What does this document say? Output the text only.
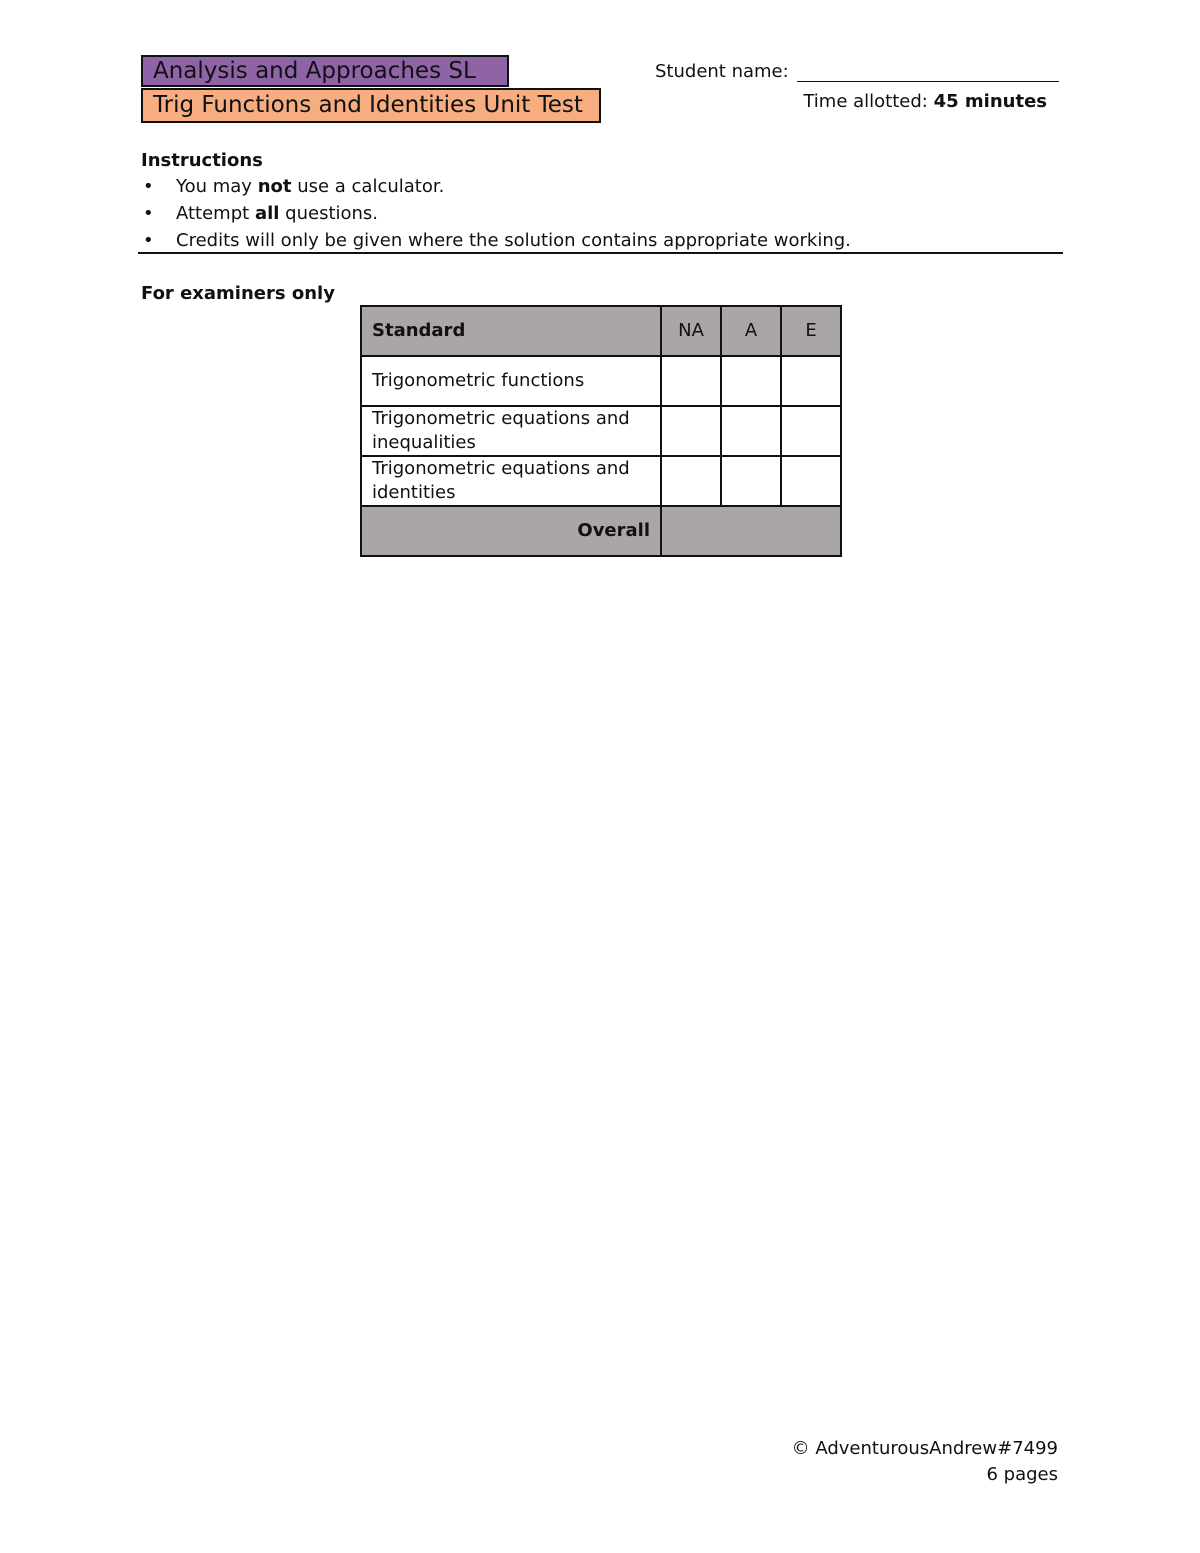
Analysis and Approaches SL
Trig Functions and Identities Unit Test
Student name:
Time allotted: 45 minutes
Instructions
• You may not use a calculator.
• Attempt all questions.
• Credits will only be given where the solution contains appropriate working.
For examiners only
Standard	NA	A	E
Trigonometric functions			
Trigonometric equations and inequalities			
Trigonometric equations and identities			
Overall			
© AdventurousAndrew#7499
6 pages
